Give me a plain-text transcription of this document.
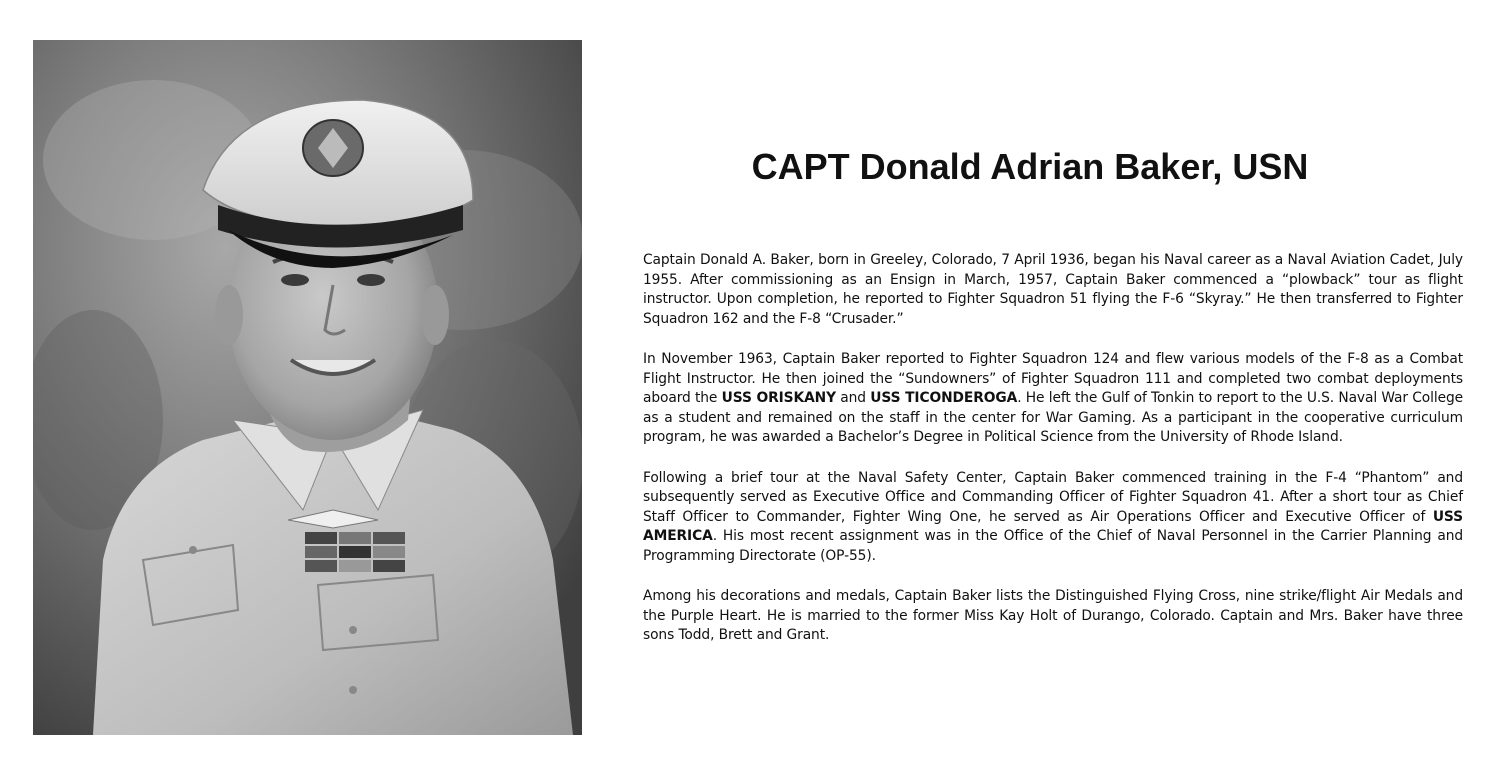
CAPT Donald Adrian Baker, USN

Captain Donald A. Baker, born in Greeley, Colorado, 7 April 1936, began his Naval career as a Naval Aviation Cadet, July 1955. After commissioning as an Ensign in March, 1957, Captain Baker commenced a “plowback” tour as flight instructor. Upon completion, he reported to Fighter Squadron 51 flying the F-6 “Skyray.” He then transferred to Fighter Squadron 162 and the F-8 “Crusader.”

In November 1963, Captain Baker reported to Fighter Squadron 124 and flew various models of the F-8 as a Combat Flight Instructor. He then joined the “Sundowners” of Fighter Squadron 111 and completed two combat deployments aboard the USS ORISKANY and USS TICONDEROGA. He left the Gulf of Tonkin to report to the U.S. Naval War College as a student and remained on the staff in the center for War Gaming. As a participant in the cooperative curriculum program, he was awarded a Bachelor’s Degree in Political Science from the University of Rhode Island.

Following a brief tour at the Naval Safety Center, Captain Baker commenced training in the F-4 “Phantom” and subsequently served as Executive Office and Commanding Officer of Fighter Squadron 41. After a short tour as Chief Staff Officer to Commander, Fighter Wing One, he served as Air Operations Officer and Executive Officer of USS AMERICA. His most recent assignment was in the Office of the Chief of Naval Personnel in the Carrier Planning and Programming Directorate (OP-55).

Among his decorations and medals, Captain Baker lists the Distinguished Flying Cross, nine strike/flight Air Medals and the Purple Heart. He is married to the former Miss Kay Holt of Durango, Colorado. Captain and Mrs. Baker have three sons Todd, Brett and Grant.
